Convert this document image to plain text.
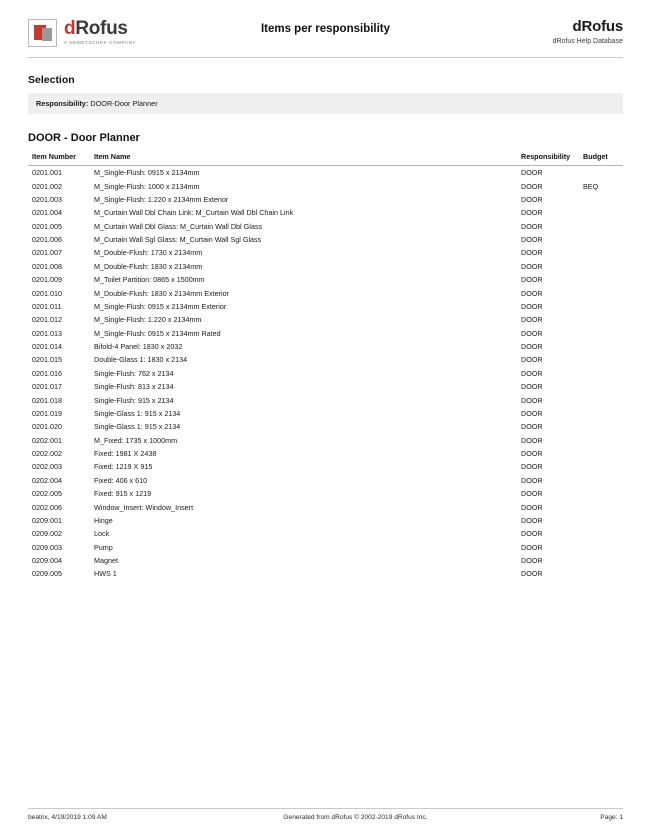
dRofus
A NEMETSCHEK COMPANY
Items per responsibility	dRofus
dRofus Help Database
Selection
Responsibility: DOOR-Door Planner
DOOR - Door Planner
Item Number	Item Name	Responsibility	Budget
0201.001	M_Single-Flush: 0915 x 2134mm	DOOR	
0201.002	M_Single-Flush: 1000 x 2134mm	DOOR	BEQ
0201.003	M_Single-Flush: 1.220 x 2134mm Exterior	DOOR	
0201.004	M_Curtain Wall Dbl Chain Link: M_Curtain Wall Dbl Chain Link	DOOR	
0201.005	M_Curtain Wall Dbl Glass: M_Curtain Wall Dbl Glass	DOOR	
0201.006	M_Curtain Wall Sgl Glass: M_Curtain Wall Sgl Glass	DOOR	
0201.007	M_Double-Flush: 1730 x 2134mm	DOOR	
0201.008	M_Double-Flush: 1830 x 2134mm	DOOR	
0201.009	M_Toilet Partition: 0865 x 1500mm	DOOR	
0201.010	M_Double-Flush: 1830 x 2134mm Exterior	DOOR	
0201.011	M_Single-Flush: 0915 x 2134mm Exterior	DOOR	
0201.012	M_Single-Flush: 1.220 x 2134mm	DOOR	
0201.013	M_Single-Flush: 0915 x 2134mm Rated	DOOR	
0201.014	Bifold-4 Panel: 1830 x 2032	DOOR	
0201.015	Double-Glass 1: 1830 x 2134	DOOR	
0201.016	Single-Flush: 762 x 2134	DOOR	
0201.017	Single-Flush: 813 x 2134	DOOR	
0201.018	Single-Flush: 915 x 2134	DOOR	
0201.019	Single-Glass 1: 915 x 2134	DOOR	
0201.020	Single-Glass 1: 915 x 2134	DOOR	
0202.001	M_Fixed: 1735 x 1000mm	DOOR	
0202.002	Fixed: 1981 X 2438	DOOR	
0202.003	Fixed: 1219 X 915	DOOR	
0202.004	Fixed: 406 x 610	DOOR	
0202.005	Fixed: 915 x 1219	DOOR	
0202.006	Window_Insert: Window_Insert	DOOR	
0209.001	Hinge	DOOR	
0209.002	Lock	DOOR	
0209.003	Pump	DOOR	
0209.004	Magnet	DOOR	
0209.005	HWS 1	DOOR	
beatrix, 4/19/2019 1:09 AM	Generated from dRofus © 2002-2019 dRofus Inc.	Page: 1
